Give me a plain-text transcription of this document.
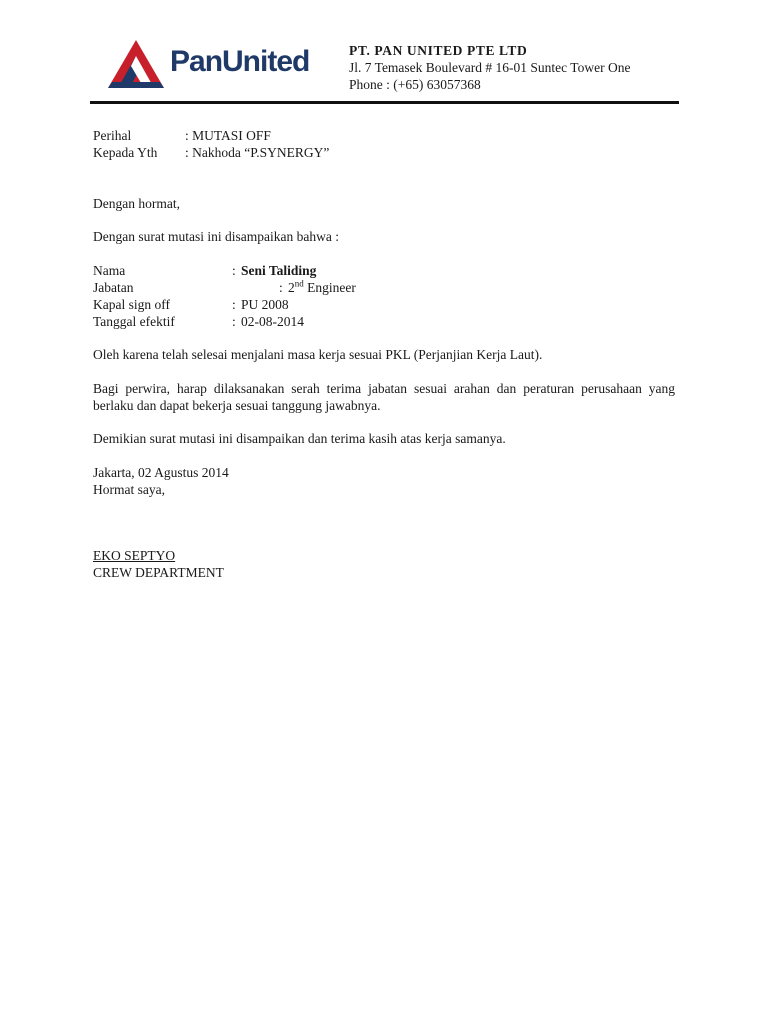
PanUnited	PT. PAN UNITED PTE LTD
Jl. 7 Temasek Boulevard # 16-01 Suntec Tower One
Phone : (+65) 63057368
Perihal	: MUTASI OFF
Kepada Yth : Nakhoda “P.SYNERGY”
Dengan hormat,
Dengan surat mutasi ini disampaikan bahwa :
Nama	: Seni Taliding
Jabatan	: 2nd Engineer
Kapal sign off	: PU 2008
Tanggal efektif	: 02-08-2014
Oleh karena telah selesai menjalani masa kerja sesuai PKL (Perjanjian Kerja Laut).
Bagi perwira, harap dilaksanakan serah terima jabatan sesuai arahan dan peraturan perusahaan yang berlaku dan dapat bekerja sesuai tanggung jawabnya.
Demikian surat mutasi ini disampaikan dan terima kasih atas kerja samanya.
Jakarta, 02 Agustus 2014
Hormat saya,
EKO SEPTYO
CREW DEPARTMENT
